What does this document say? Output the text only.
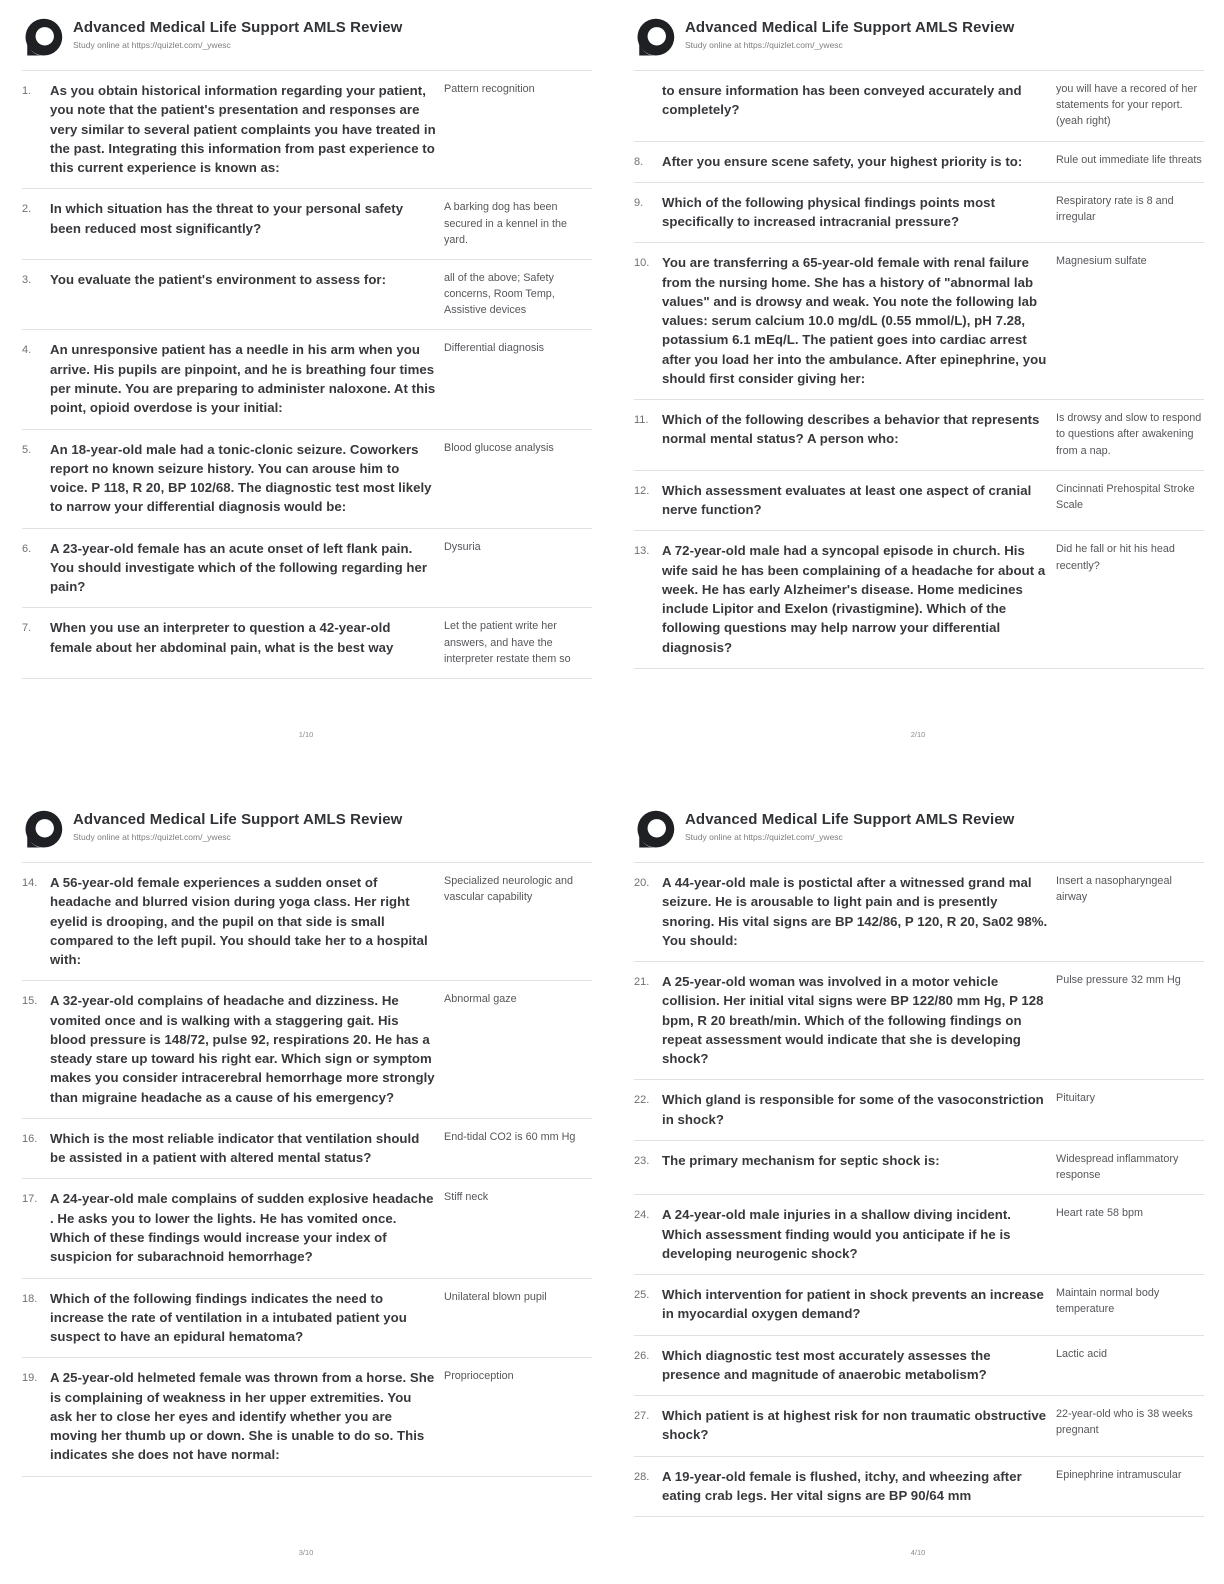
Advanced Medical Life Support AMLS Review
Study online at https://quizlet.com/_ywesc
1.	As you obtain historical information regarding your patient, you note that the patient's presentation and responses are very similar to several patient complaints you have treated in the past. Integrating this information from past experience to this current experience is known as:
Pattern recognition
2.	In which situation has the threat to your personal safety been reduced most significantly?
A barking dog has been secured in a kennel in the yard.
3.	You evaluate the patient's environment to assess for:	all of the above; Safety concerns, Room Temp, Assistive devices
4.	An unresponsive patient has a needle in his arm when you arrive. His pupils are pinpoint, and he is breathing four times per minute. You are preparing to administer naloxone. At this point, opioid overdose is your initial:
Differential diagnosis
5.	An 18-year-old male had a tonic-clonic seizure. Coworkers report no known seizure history. You can arouse him to voice. P 118, R 20, BP 102/68. The diagnostic test most likely to narrow your differential diagnosis would be:
Blood glucose analysis
6.	A 23-year-old female has an acute onset of left flank pain. You should investigate which of the following regarding her pain?
Dysuria
7.	When you use an interpreter to question a 42-year-old female about her abdominal pain, what is the best way
Let the patient write her answers, and have the interpreter restate them so
1/10
Advanced Medical Life Support AMLS Review
Study online at https://quizlet.com/_ywesc
to ensure information has been conveyed accurately and completely?
you will have a recored of her statements for your report. (yeah right)
8.	After you ensure scene safety, your highest priority is to:	Rule out immediate life threats
9.	Which of the following physical findings points most specifically to increased intracranial pressure?
Respiratory rate is 8 and irregular
10. You are transferring a 65-year-old female with renal failure from the nursing home. She has a history of "abnormal lab values" and is drowsy and weak. You note the following lab values: serum calcium 10.0 mg/dL (0.55 mmol/L), pH 7.28, potassium 6.1 mEq/L. The patient goes into cardiac arrest after you load her into the ambulance. After epinephrine, you should first consider giving her:
Magnesium sulfate
11.	Which of the following describes a behavior that represents normal mental status? A person who:
Is drowsy and slow to respond to questions after awakening from a nap.
12. Which assessment evaluates at least one aspect of cranial nerve function?
Cincinnati Prehospital Stroke Scale
13. A 72-year-old male had a syncopal episode in church. His wife said he has been complaining of a headache for about a week. He has early Alzheimer's disease. Home medicines include Lipitor and Exelon (rivastigmine). Which of the following questions may help narrow your differential diagnosis?
Did he fall or hit his head recently?
2/10
Advanced Medical Life Support AMLS Review
Study online at https://quizlet.com/_ywesc
14. A 56-year-old female experiences a sudden onset of headache and blurred vision during yoga class. Her right eyelid is drooping, and the pupil on that side is small compared to the left pupil. You should take her to a hospital with:
Specialized neurologic and vascular capability
15. A 32-year-old complains of headache and dizziness. He vomited once and is walking with a staggering gait. His blood pressure is 148/72, pulse 92, respirations 20. He has a steady stare up toward his right ear. Which sign or symptom makes you consider intracerebral hemorrhage more strongly than migraine headache as a cause of his emergency?
Abnormal gaze
16. Which is the most reliable indicator that ventilation should be assisted in a patient with altered mental status?
End-tidal CO2 is 60 mm Hg
17. A 24-year-old male complains of sudden explosive headache . He asks you to lower the lights. He has vomited once. Which of these findings would increase your index of suspicion for subarachnoid hemorrhage?
Stiff neck
18. Which of the following findings indicates the need to increase the rate of ventilation in a intubated patient you suspect to have an epidural hematoma?
Unilateral blown pupil
19. A 25-year-old helmeted female was thrown from a horse. She is complaining of weakness in her upper extremities. You ask her to close her eyes and identify whether you are moving her thumb up or down. She is unable to do so. This indicates she does not have normal:
Proprioception
3/10
Advanced Medical Life Support AMLS Review
Study online at https://quizlet.com/_ywesc
20. A 44-year-old male is postictal after a witnessed grand mal seizure. He is arousable to light pain and is presently snoring. His vital signs are BP 142/86, P 120, R 20, Sa02 98%. You should:
Insert a nasopharyngeal airway
21. A 25-year-old woman was involved in a motor vehicle collision. Her initial vital signs were BP 122/80 mm Hg, P 128 bpm, R 20 breath/min. Which of the following findings on repeat assessment would indicate that she is developing shock?
Pulse pressure 32 mm Hg
22. Which gland is responsible for some of the vasoconstriction in shock?
Pituitary
23. The primary mechanism for septic shock is:	Widespread inflammatory response
24. A 24-year-old male injuries in a shallow diving incident. Which assessment finding would you anticipate if he is developing neurogenic shock?
Heart rate 58 bpm
25. Which intervention for patient in shock prevents an increase in myocardial oxygen demand?
Maintain normal body temperature
26. Which diagnostic test most accurately assesses the presence and magnitude of anaerobic metabolism?
Lactic acid
27. Which patient is at highest risk for non traumatic obstructive shock?
22-year-old who is 38 weeks pregnant
28. A 19-year-old female is flushed, itchy, and wheezing after eating crab legs. Her vital signs are BP 90/64 mm
Epinephrine intramuscular
4/10
